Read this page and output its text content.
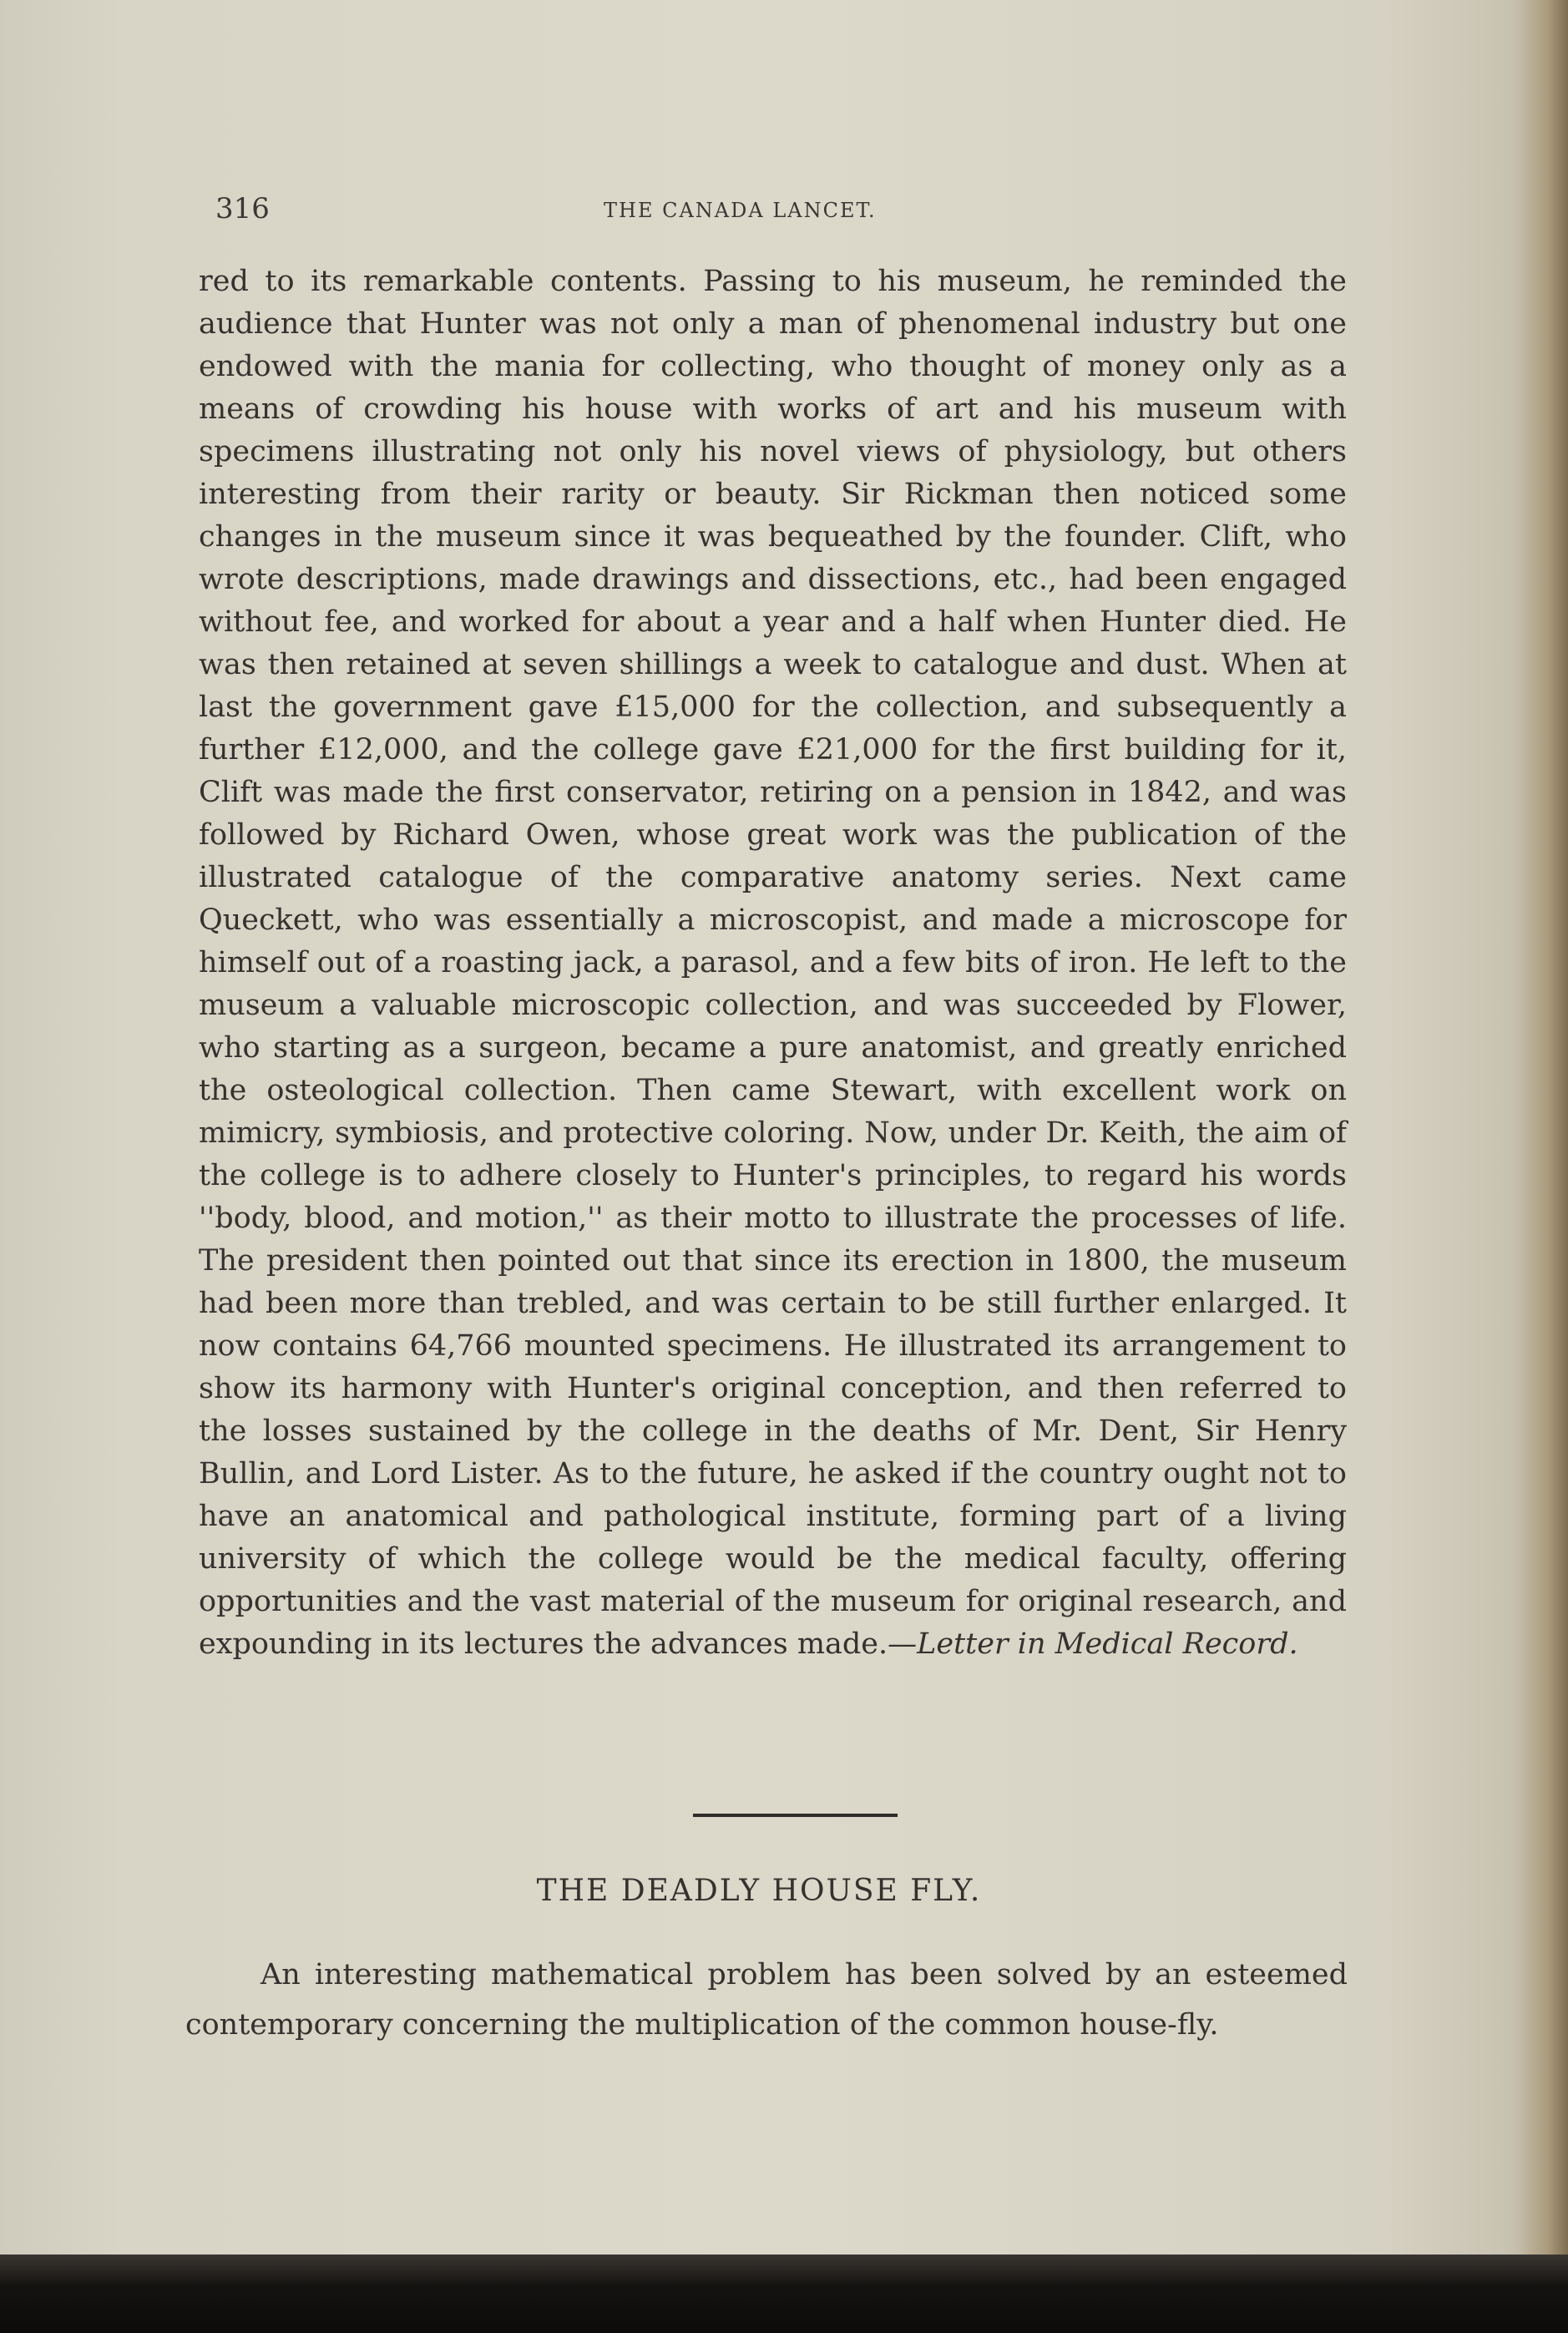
316	THE CANADA LANCET.

red to its remarkable contents. Passing to his museum, he reminded the audience that Hunter was not only a man of phenomenal industry but one endowed with the mania for collecting, who thought of money only as a means of crowding his house with works of art and his museum with specimens illustrating not only his novel views of physiology, but others interesting from their rarity or beauty. Sir Rickman then noticed some changes in the museum since it was bequeathed by the founder. Clift, who wrote descriptions, made drawings and dissections, etc., had been engaged without fee, and worked for about a year and a half when Hunter died. He was then retained at seven shillings a week to catalogue and dust. When at last the government gave £15,000 for the collection, and subsequently a further £12,000, and the college gave £21,000 for the first building for it, Clift was made the first conservator, retiring on a pension in 1842, and was followed by Richard Owen, whose great work was the publication of the illustrated catalogue of the comparative anatomy series. Next came Queckett, who was essentially a microscopist, and made a microscope for himself out of a roasting jack, a parasol, and a few bits of iron. He left to the museum a valuable microscopic collection, and was succeeded by Flower, who starting as a surgeon, became a pure anatomist, and greatly enriched the osteological collection. Then came Stewart, with excellent work on mimicry, symbiosis, and protective coloring. Now, under Dr. Keith, the aim of the college is to adhere closely to Hunter's principles, to regard his words ''body, blood, and motion,'' as their motto to illustrate the processes of life. The president then pointed out that since its erection in 1800, the museum had been more than trebled, and was certain to be still further enlarged. It now contains 64,766 mounted specimens. He illustrated its arrangement to show its harmony with Hunter's original conception, and then referred to the losses sustained by the college in the deaths of Mr. Dent, Sir Henry Bullin, and Lord Lister. As to the future, he asked if the country ought not to have an anatomical and pathological institute, forming part of a living university of which the college would be the medical faculty, offering opportunities and the vast material of the museum for original research, and expounding in its lectures the advances made.—Letter in Medical Record.

THE DEADLY HOUSE FLY.

An interesting mathematical problem has been solved by an esteemed contemporary concerning the multiplication of the common house-fly.
